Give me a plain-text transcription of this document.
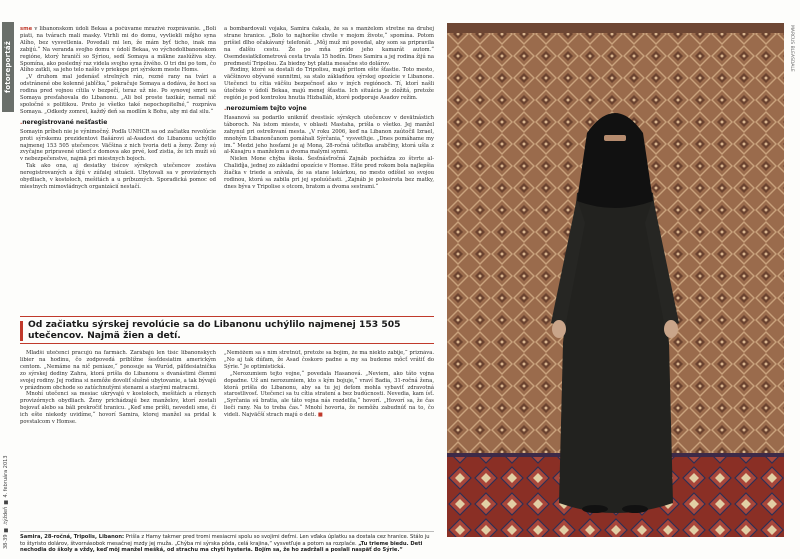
fotoreportáž
38-39 ■ .týždeň ■ 4. februára 2013

sme v libanonskom údolí Bekaa a počúvame mrazivé rozprávanie. „Boli piati, na tvárach mali masky. Vtrhli mi do domu, vyvliekli môjho syna Alího, bez vysvetlenia. Povedali mi len, že mám byť ticho, inak ma zabijú.“ Na veranda svojho domu v údolí Bekaa, vo východolibanonskom regióne, ktorý hraničí so Sýriou, sedí Somaya a mäkne zaslúživa slzy. Spomína, ako posledný raz videla svojho syna živého. O tri dni po tom, čo Alího zatkli, sa jeho telo našlo v priekope pri sýrskom meste Homs.

„V druhom mal jedenásť strelných rán, rezné rany na tvári a odstránené obe kolenné jabĺčka,“ pokračuje Somaya a dodáva, že hoci sa rodina pred vojnou cítila v bezpečí, teraz už nie. Po synovej smrti sa Somaya presťahovala do Libanonu. „Ali bol proste taxikár, nemal nič spoločné s politikou. Preto je všetko také nepochopiteľné,“ rozpráva Somaya. „Odkedy zomrel, každý deň sa modlím k Bohu, aby mi dal silu.“

.neregistrované nešťastie

Somayin príbeh nie je výnimočný. Podľa UNHCR sa od začiatku revolúcie proti sýrskemu prezidentovi Bašárovi al-Asadovi do Libanonu uchýlilo najmenej 153 505 utečencov. Väčšina z nich tvoria deti a ženy. Ženy sú zvyčajne pripravené utiecť z domova ako prvé, keď zistia, že ich muži sú v nebezpečenstve, najmä pri miestnych bojoch.

Tak ako ona, aj desiatky tisícov sýrskych utečencov zostáva neregistrovaných a žijú v zúfalej situácii. Ubytovali sa v provizórnych obydliach, v kostoloch, mešitách a u príbuzných. Sporadická pomoc od miestnych mimovládnych organizácií nestačí.

a bombardovali vojaka, Samira čakala, že sa s manželom stretne na druhej strane hranice. „Bolo to najhoršie chvíle v mojom živote,“ spomína. Potom prišiel dlho očakávaný telefonát. „Môj muž mi povedal, aby som sa pripravila na ďalšiu cestu. Že po mňa príde jeho kamarát autom.“ Osemdesiatkilometrová cesta trvala 15 hodín. Dnes Samira a jej rodina žijú na predmestí Tripolisu. Za biedny byt platia mesačne sto dolárov.

Rodiny, ktoré sa dostali do Tripolisu, majú pritom ešte šťastie. Toto mesto, väčšinovo obývané sunnitmi, sa stalo základňou sýrskej opozície v Libanone. Utečenci tu cítia väčšiu bezpečnosť ako v iných regiónoch. Tí, ktorí našli útočisko v údolí Bekaa, majú menej šťastia. Ich situácia je zložitá, pretože región je pod kontrolou hnutia Hizballáh, ktoré podporuje Asadov režim.

.nerozumiem tejto vojne

Hasanová sa podarilo uniknúť dvestisíc sýrskych utečencov v devätnástich táboroch. Na istom mieste, v oblasti Mastaha, prišla o všetko. Jej manžel zahynul pri ostreľovaní mesta. „V roku 2006, keď na Libanon zaútočil Izrael, mnohým Libanončanom pomáhali Sýrčania,“ vysvetľuje. „Dnes pomáhame my im.“ Medzi jeho hosťami je aj Mona, 28-ročná učiteľka arabčiny, ktorá ušla z al-Kusajru s manželom a dvoma malými synmi.

Nielen Mone chýba škola. Šesťnásťročná Zajnáb pochádza zo štvrte al-Chalidíja, jednej zo základní opozície v Homse. Ešte pred rokom bola najlepšia žiačka v triede a snívala, že sa stane lekárkou, no mesto odišiel so svojou rodinou, ktorá sa zabila pri jej spoluúčasti. „Zajnáb je polosirota bez matky, dnes býva v Tripolise s otcom, bratom a dvoma sestrami.“

Od začiatku sýrskej revolúcie sa do Libanonu uchýlilo najmenej 153 505 utečencov. Najmä žien a detí.

Mladší utečenci pracujú na farmách. Zarábajú len tisíc libanonských libier na hodinu, čo zodpovedá približne šesťdesiatim americkým centom. „Nemáme na nič peniaze,“ ponosuje sa Wurúd, päťdesiatnička zo sýrskej dediny Zahra, ktorá prišla do Libanonu s dvanástimi členmi svojej rodiny. Jej rodina si nemôže dovoliť slušné ubytovanie, a tak bývajú v prázdnom obchode so zatúchnutými stenami a starými matracmi.

Mnohí utečenci sa mesiac ukrývajú v kostoloch, mešitách a rôznych provizórnych obydliach. Ženy prichádzajú bez manželov, ktorí zostali bojovať alebo sa báli prekročiť hranicu. „Keď sme prišli, nevedeli sme, či ich ešte niekedy uvidíme,“ hovorí Samira, ktorej manžel sa pridal k povstalcom v Homse.

„Nemôžem sa s ním stretnúť, pretože sa bojím, že ma niekto zabije,“ priznáva. „No aj tak dúfam, že Asad čoskoro padne a my sa budeme môcť vrátiť do Sýrie.“ Je optimistická.

„Nerozumiem tejto vojne,“ povedala Hasanová. „Neviem, ako táto vojna dopadne. Už ani nerozumiem, kto s kým bojuje,“ vraví Badia, 31-ročná žena, ktorá prišla do Libanonu, aby sa tu jej deťom mohla vybaviť zdravotná starostlivosť. Utečenci sa tu cítia stratení a bez budúcnosti. Nevedia, kam ísť. „Syrčania sú bratia, ale táto vojna nás rozdelila,“ hovorí. „Hovorí sa, že čas lieči rany. Na to treba čas.“ Mnohí hovoria, že nemôžu zabudnúť na to, čo videli. Najväčší strach majú o deti. ■

Samira, 28-ročná, Tripolis, Libanon: Prišla z Hamy takmer pred tromi mesiacmi spolu so svojimi deťmi. Len vďaka úplatku sa dostala cez hranice. Stálo ju to štyristo dolárov, štvornásobok mesačnej mzdy jej muža. „Chýba mi sýrska pôda, celá krajina,“ vysvetľuje a potom sa rozplače. „Tu trieme biedu. Deti nechodia do školy a vždy, keď môj manžel mešká, od strachu ma chytí hysteria. Bojím sa, že ho zadržali a poslali naspäť do Sýrie.“
MARCUS BLEASDALE
